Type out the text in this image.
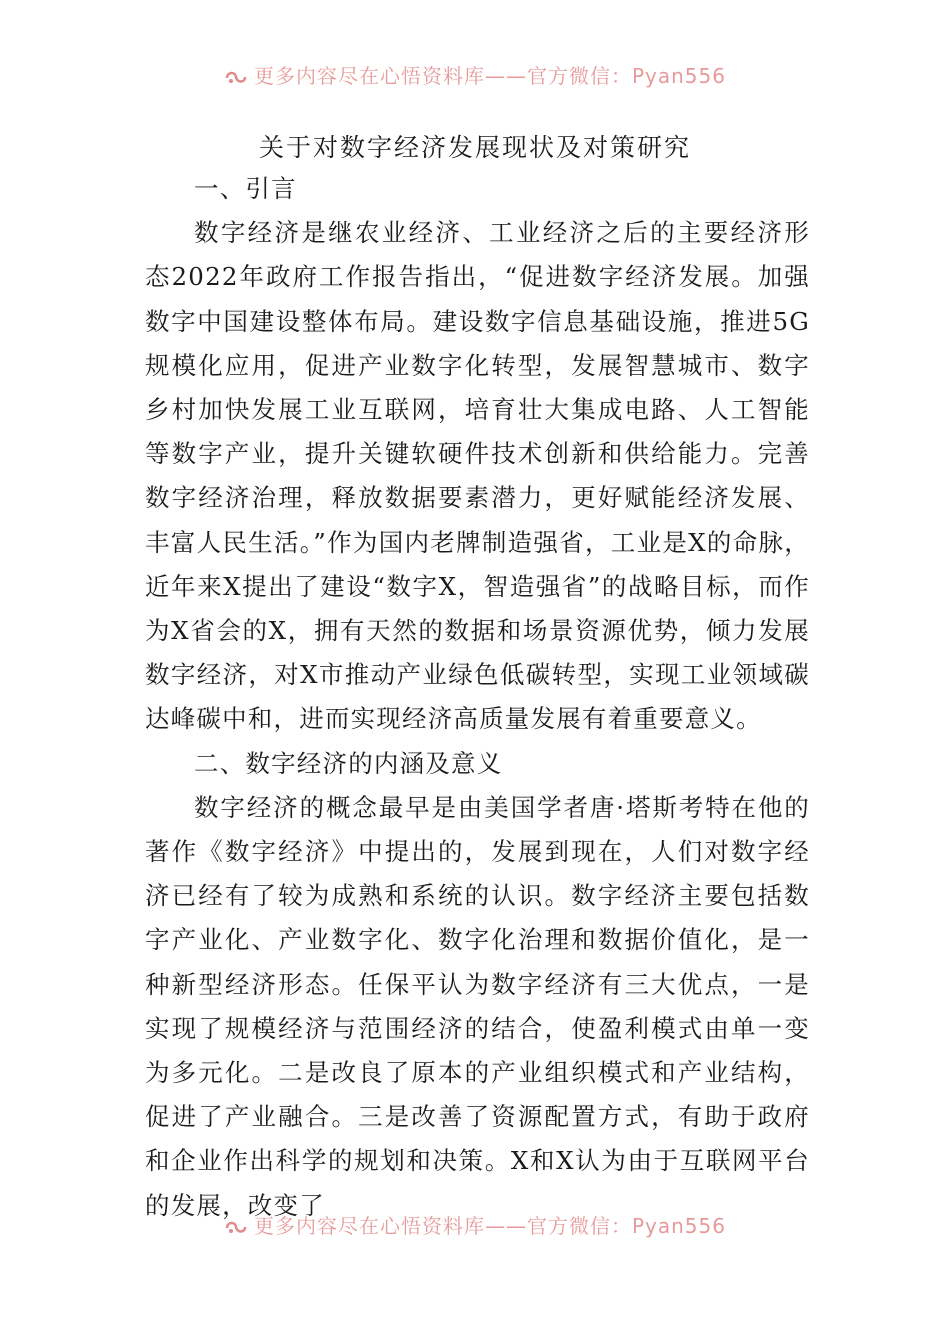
更多内容尽在心悟资料库——官方微信：Pyan556
关于对数字经济发展现状及对策研究
一、引言

数字经济是继农业经济、工业经济之后的主要经济形态2022年政府工作报告指出，“促进数字经济发展。加强数字中国建设整体布局。建设数字信息基础设施，推进5G规模化应用，促进产业数字化转型，发展智慧城市、数字乡村加快发展工业互联网，培育壮大集成电路、人工智能等数字产业，提升关键软硬件技术创新和供给能力。完善数字经济治理，释放数据要素潜力，更好赋能经济发展、丰富人民生活。”作为国内老牌制造强省，工业是X的命脉，近年来X提出了建设“数字X，智造强省”的战略目标，而作为X省会的X，拥有天然的数据和场景资源优势，倾力发展数字经济，对X市推动产业绿色低碳转型，实现工业领域碳达峰碳中和，进而实现经济高质量发展有着重要意义。

二、数字经济的内涵及意义

数字经济的概念最早是由美国学者唐·塔斯考特在他的著作《数字经济》中提出的，发展到现在，人们对数字经济已经有了较为成熟和系统的认识。数字经济主要包括数字产业化、产业数字化、数字化治理和数据价值化，是一种新型经济形态。任保平认为数字经济有三大优点，一是实现了规模经济与范围经济的结合，使盈利模式由单一变为多元化。二是改良了原本的产业组织模式和产业结构，促进了产业融合。三是改善了资源配置方式，有助于政府和企业作出科学的规划和决策。X和X认为由于互联网平台的发展，改变了

更多内容尽在心悟资料库——官方微信：Pyan556
